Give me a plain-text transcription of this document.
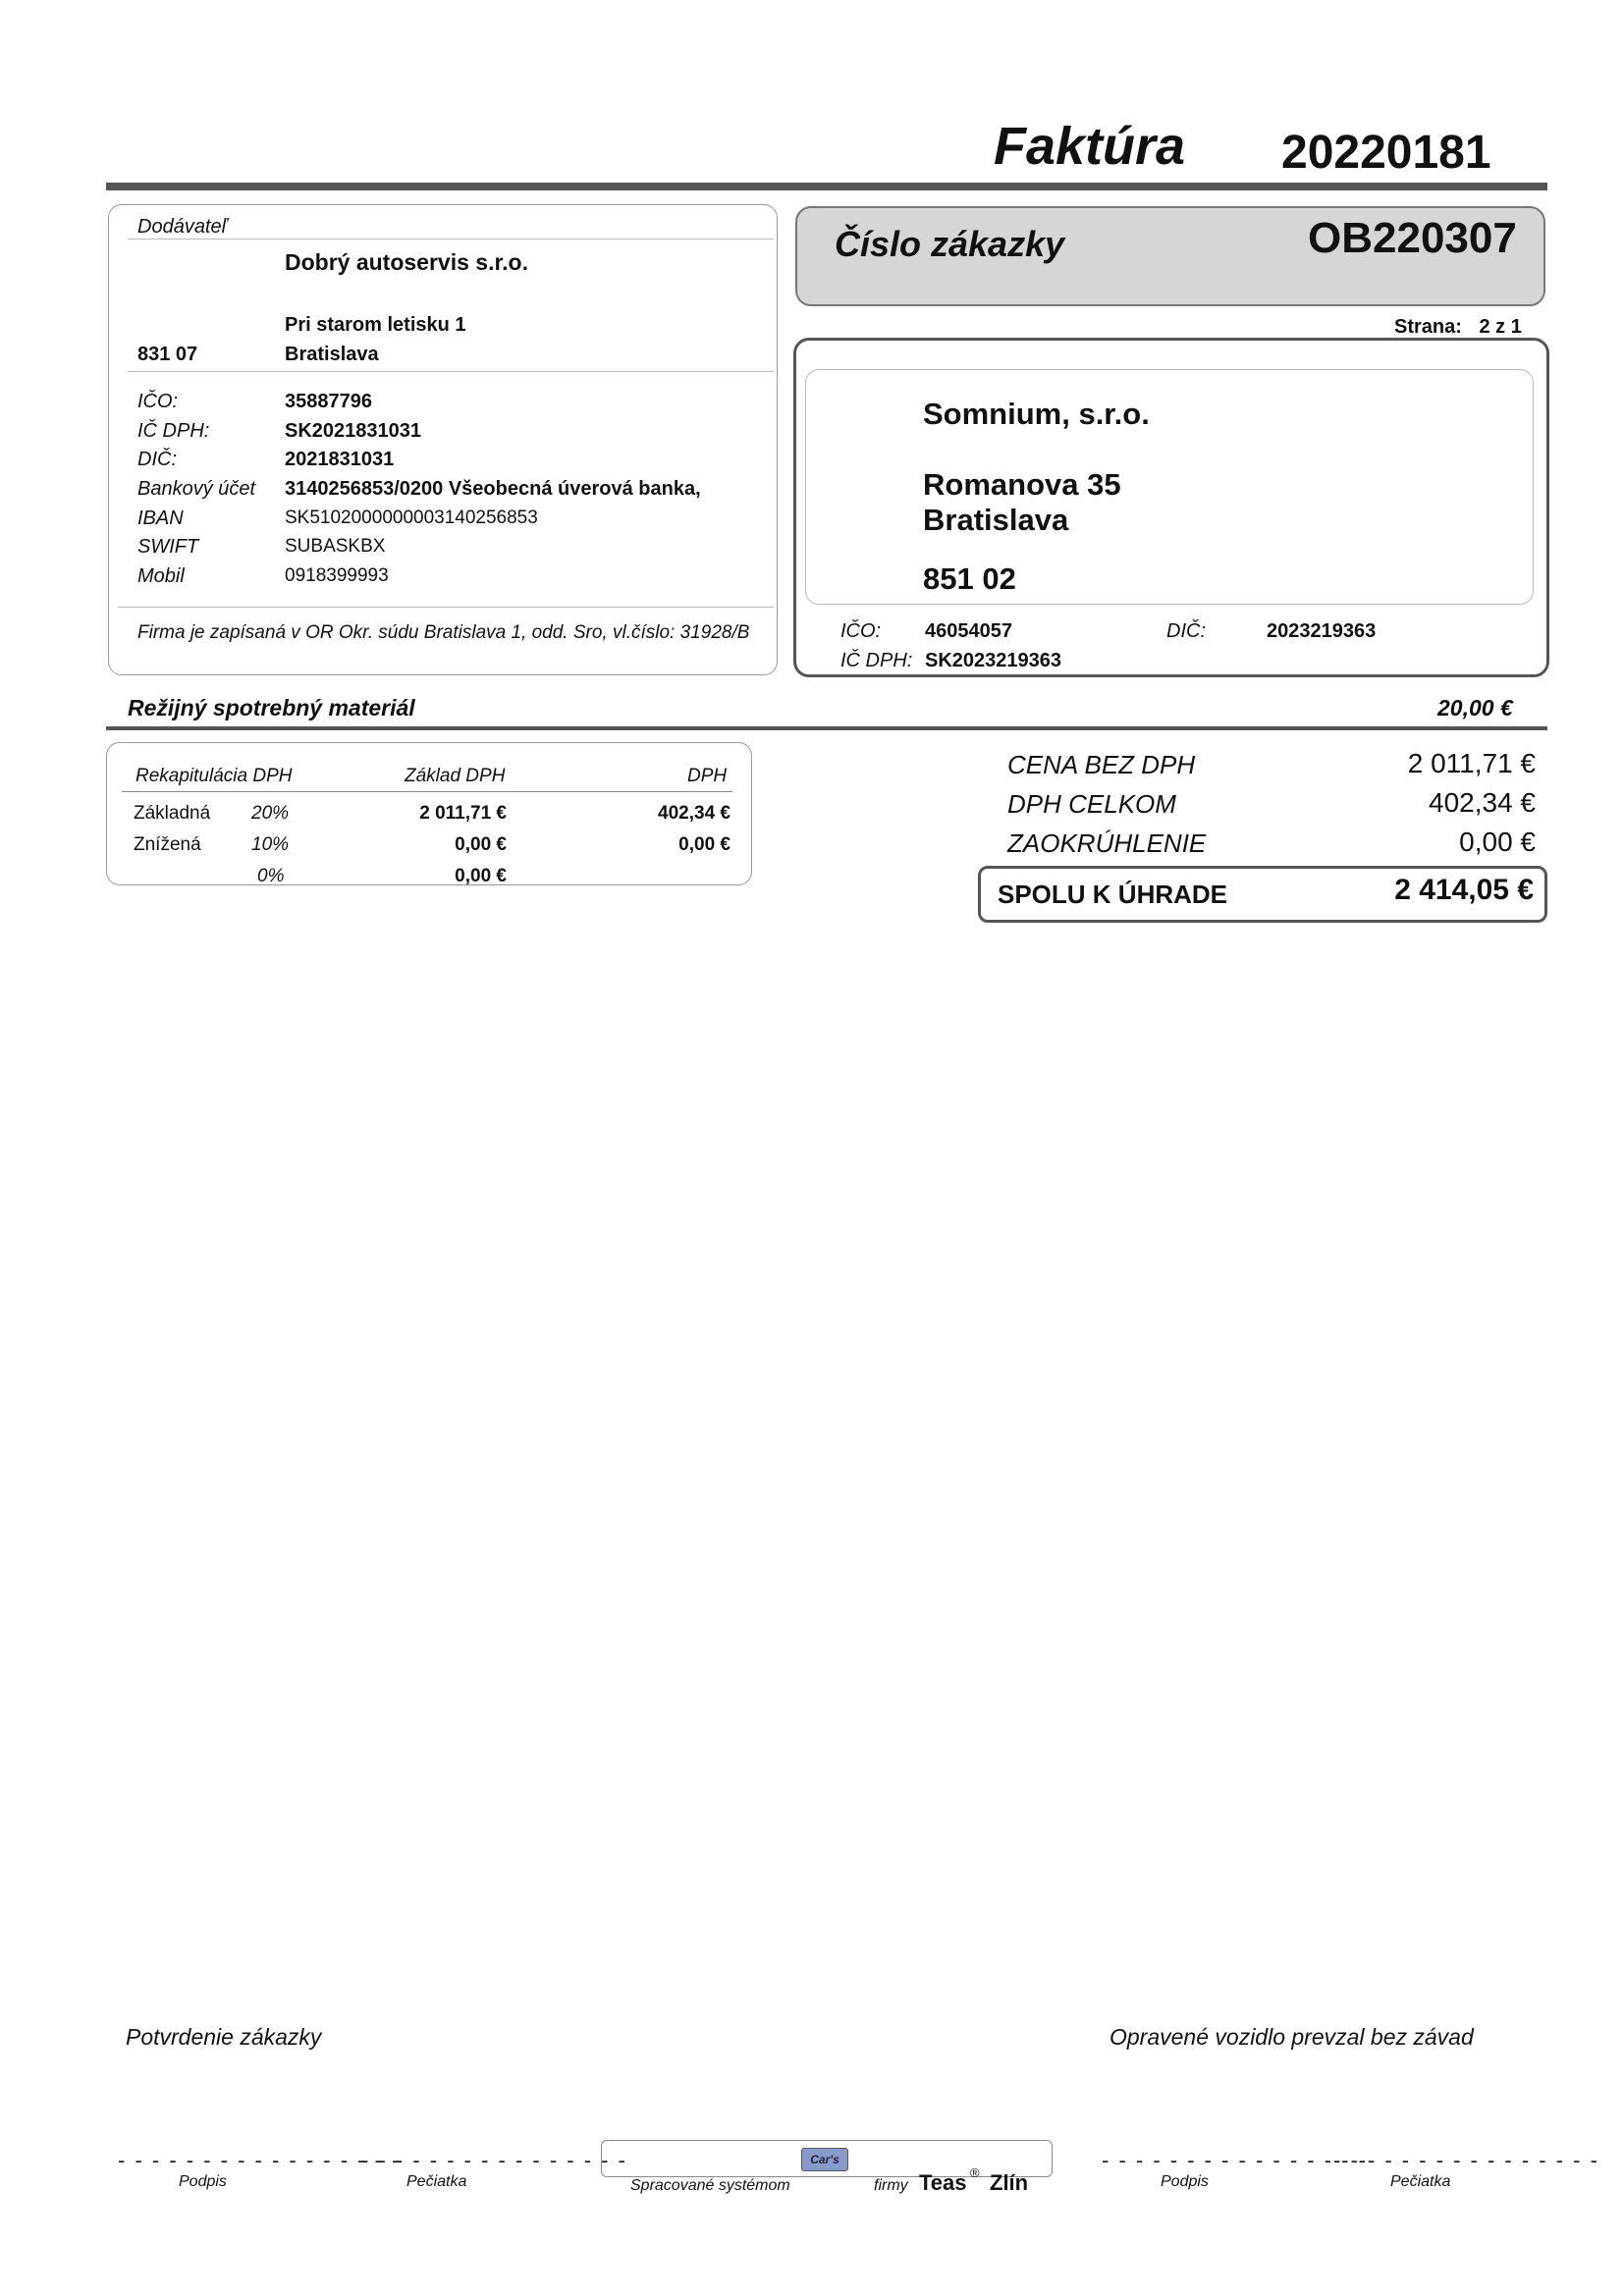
Faktúra 20220181
Dodávateľ
Dobrý autoservis s.r.o.
Pri starom letisku 1
831 07	Bratislava
IČO:	35887796
IČ DPH:	SK2021831031
DIČ:	2021831031
Bankový účet 3140256853/0200 Všeobecná úverová banka,
IBAN	SK5102000000003140256853
SWIFT	SUBASKBX
Mobil	0918399993
Firma je zapísaná v OR Okr. súdu Bratislava 1, odd. Sro, vl.číslo: 31928/B
Číslo zákazky	OB220307
Strana: 2 z 1
Somnium, s.r.o.
Romanova 35
Bratislava
851 02
IČO: 46054057	DIČ:	2023219363
IČ DPH: SK2023219363
Režijný spotrebný materiál	20,00 €
Rekapitulácia DPH	Základ DPH	DPH
Základná 20%	2 011,71 €	402,34 €
Znížená	10%	0,00 €	0,00 €
0%	0,00 €
CENA BEZ DPH	2 011,71 €
DPH CELKOM	402,34 €
ZAOKRÚHLENIE	0,00 €
SPOLU K ÚHRADE	2 414,05 €
Potvrdenie zákazky	Opravené vozidlo prevzal bez závad
- - - - - - - - - - - - - - - - -
- - - - - - - - - - - - - - - -	- - - - - - - - - - - - - - - -
- - - - - - - - - - - - - - - -
Podpis	Pečiatka	Podpis	Pečiatka
Spracované systémom
Car's
firmy Teas ® Zlín
